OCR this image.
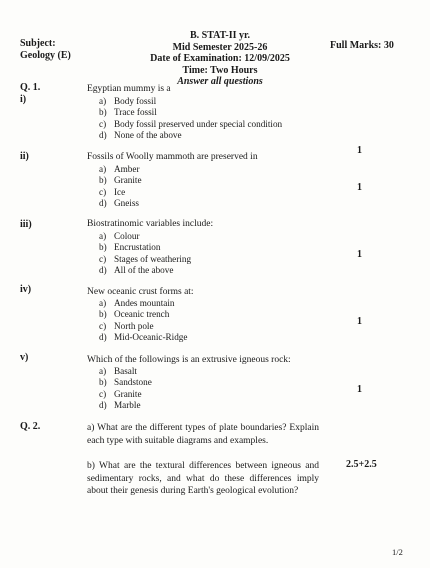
B. STAT-II yr.
Mid Semester 2025-26
Date of Examination: 12/09/2025
Time: Two Hours
Answer all questions
Subject:
Geology (E)
Full Marks: 30
Q. 1.
i)
Egyptian mummy is a
a) Body fossil
b) Trace fossil
c) Body fossil preserved under special condition
d) None of the above
1
ii)	Fossils of Woolly mammoth are preserved in
a) Amber
b) Granite
c) Ice
d) Gneiss
1
iii)	Biostratinomic variables include:
a) Colour
b) Encrustation
c) Stages of weathering
d) All of the above
1
iv)	New oceanic crust forms at:
a) Andes mountain
b) Oceanic trench
c) North pole
d) Mid-Oceanic-Ridge
1
v)	Which of the followings is an extrusive igneous rock:
a) Basalt
b) Sandstone
c) Granite
d) Marble
1
Q. 2.	a) What are the different types of plate boundaries? Explain each type with suitable diagrams and examples.
b) What are the textural differences between igneous and sedimentary rocks, and what do these differences imply about their genesis during Earth's geological evolution?
2.5+2.5
1/2
